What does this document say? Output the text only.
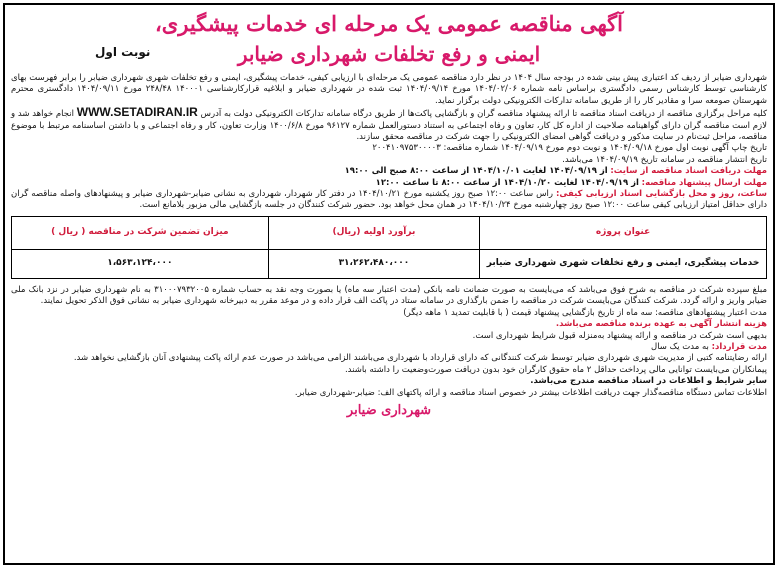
آگهی مناقصه عمومی یک مرحله ای خدمات پیشگیری،
ایمنی و رفع تخلفات شهرداری ضیابر
نوبت اول

شهرداری ضیابر از ردیف کد اعتباری پیش بینی شده در بودجه سال ۱۴۰۴ در نظر دارد مناقصه عمومی یک مرحله‌ای با ارزیابی کیفی، خدمات پیشگیری، ایمنی و رفع تخلفات شهری شهرداری ضیابر را برابر فهرست بهای کارشناسی توسط کارشناس رسمی دادگستری براساس نامه شماره ۱۴۰۴/۰۲/۰۶ مورخ ۱۴۰۴/۰۹/۱۴ ثبت شده در شهرداری ضیابر و ابلاغیه قرارکارشناسی ۱۴۰۰۰۱ ۲۴۸/۴۸ مورخ ۱۴۰۴/۰۹/۱۱ دادگستری محترم شهرستان صومعه سرا و مقادیر کار را از طریق سامانه تدارکات الکترونیکی دولت برگزار نماید.

کلیه مراحل برگزاری مناقصه از دریافت اسناد مناقصه تا ارائه پیشنهاد مناقصه گران و بازگشایی پاکت‌ها از طریق درگاه سامانه تدارکات الکترونیکی دولت به آدرس WWW.SETADIRAN.IR انجام خواهد شد و لازم است مناقصه گران دارای گواهینامه صلاحیت از اداره کل کار، تعاون و رفاه اجتماعی به استناد دستورالعمل شماره ۹۶۱۲۷ مورخ ۱۴۰۰/۶/۸ وزارت تعاون، کار و رفاه اجتماعی و با داشتن اساسنامه مرتبط با موضوع مناقصه، مراحل ثبت‌نام در سایت مذکور و دریافت گواهی امضای الکترونیکی را جهت شرکت در مناقصه محقق سازند.

تاریخ چاپ آگهی نوبت اول مورخ ۱۴۰۴/۰۹/۱۸ و نوبت دوم مورخ ۱۴۰۴/۰۹/۱۹ شماره مناقصه: ۲۰۰۴۱۰۹۷۵۳۰۰۰۰۳

تاریخ انتشار مناقصه در سامانه تاریخ ۱۴۰۴/۰۹/۱۹ می‌باشد.

مهلت دریافت اسناد مناقصه از سایت: از ۱۴۰۴/۰۹/۱۹ لغایت ۱۴۰۴/۱۰/۰۱ از ساعت ۸:۰۰ صبح الی ۱۹:۰۰

مهلت ارسال پیشنهاد مناقصه: از ۱۴۰۴/۰۹/۱۹ لغایت ۱۴۰۴/۱۰/۲۰ از ساعت ۸:۰۰ تا ساعت ۱۲:۰۰

ساعت، روز و محل بازگشایی اسناد ارزیابی کیفی: راس ساعت ۱۲:۰۰ صبح روز یکشنبه مورخ ۱۴۰۴/۱۰/۲۱ در دفتر کار شهردار، شهرداری به نشانی ضیابر-شهرداری ضیابر و پیشنهادهای واصله مناقصه گران دارای حداقل امتیاز ارزیابی کیفی ساعت ۱۲:۰۰ صبح روز چهارشنبه مورخ ۱۴۰۴/۱۰/۲۴ در همان محل خواهد بود. حضور شرکت کنندگان در جلسه بازگشایی مالی مزبور بلامانع است.

عنوان پروژه	برآورد اولیه (ریال)	میزان تضمین شرکت در مناقصه ( ریال )
خدمات پیشگیری، ایمنی و رفع تخلفات شهری شهرداری ضیابر	۳۱،۲۶۲،۴۸۰،۰۰۰	۱،۵۶۳،۱۲۴،۰۰۰

مبلغ سپرده شرکت در مناقصه به شرح فوق می‌باشد که می‌بایست به صورت ضمانت نامه بانکی (مدت اعتبار سه ماه) یا بصورت وجه نقد به حساب شماره ۳۱۰۰۰۷۹۳۲۰۰۵ به نام شهرداری ضیابر در نزد بانک ملی ضیابر واریز و ارائه گردد. شرکت کنندگان می‌بایست شرکت در مناقصه را ضمن بارگذاری در سامانه ستاد در پاکت الف قرار داده و در موعد مقرر به دبیرخانه شهرداری ضیابر به نشانی فوق الذکر تحویل نمایند.

مدت اعتبار پیشنهادهای مناقصه: سه ماه از تاریخ بازگشایی پیشنهاد قیمت ( با قابلیت تمدید ۱ ماهه دیگر)

هزینه انتشار آگهی به عهده برنده مناقصه می‌باشد.

بدیهی است شرکت در مناقصه و ارائه پیشنهاد به‌منزله قبول شرایط شهرداری است.

مدت قرارداد: به مدت یک سال

ارائه رضایتنامه کتبی از مدیریت شهری شهرداری ضیابر توسط شرکت کنندگانی که دارای قرارداد با شهرداری می‌باشند الزامی می‌باشد در صورت عدم ارائه پاکت پیشنهادی آنان بازگشایی نخواهد شد.

پیمانکاران می‌بایست توانایی مالی پرداخت حداقل ۲ ماه حقوق کارگران خود بدون دریافت صورت‌وضعیت را داشته باشند.

سایر شرایط و اطلاعات در اسناد مناقصه مندرج می‌باشد.

اطلاعات تماس دستگاه مناقصه‌گذار جهت دریافت اطلاعات بیشتر در خصوص اسناد مناقصه و ارائه پاکتهای الف: ضیابر-شهرداری ضیابر.

شهرداری ضیابر
